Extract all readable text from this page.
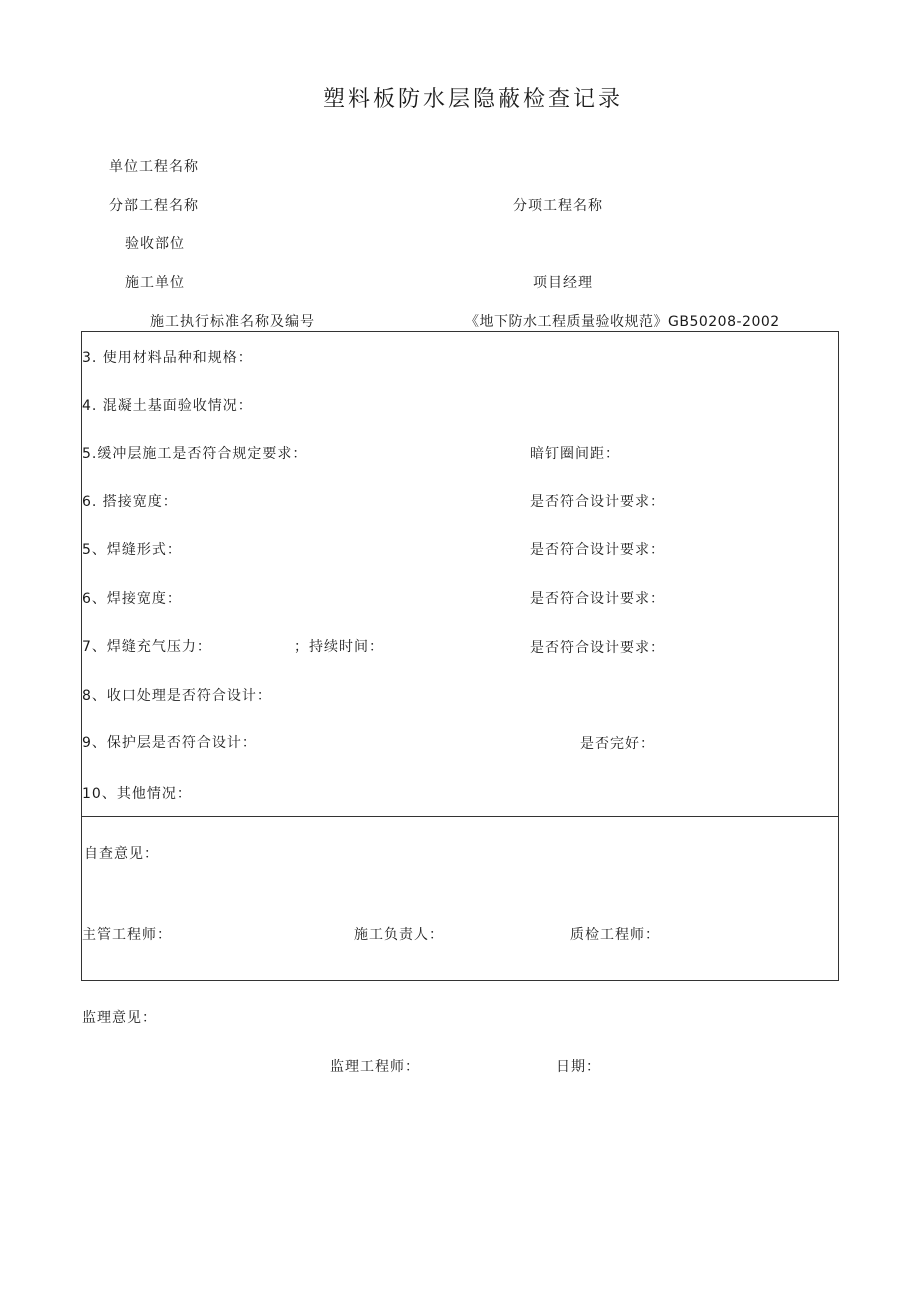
塑料板防水层隐蔽检查记录
单位工程名称
分部工程名称	分项工程名称
验收部位
施工单位	项目经理
施工执行标准名称及编号	《地下防水工程质量验收规范》GB50208-2002
3. 使用材料品种和规格：
4. 混凝土基面验收情况：
5.缓冲层施工是否符合规定要求：	暗钉圈间距：
6. 搭接宽度：	是否符合设计要求：
5、焊缝形式：	是否符合设计要求：
6、焊接宽度：	是否符合设计要求：
7、焊缝充气压力：	；持续时间：	是否符合设计要求：
8、收口处理是否符合设计：
9、保护层是否符合设计：	是否完好：
10、其他情况：
自查意见：
主管工程师：	施工负责人：	质检工程师：
监理意见：
监理工程师：	日期：
